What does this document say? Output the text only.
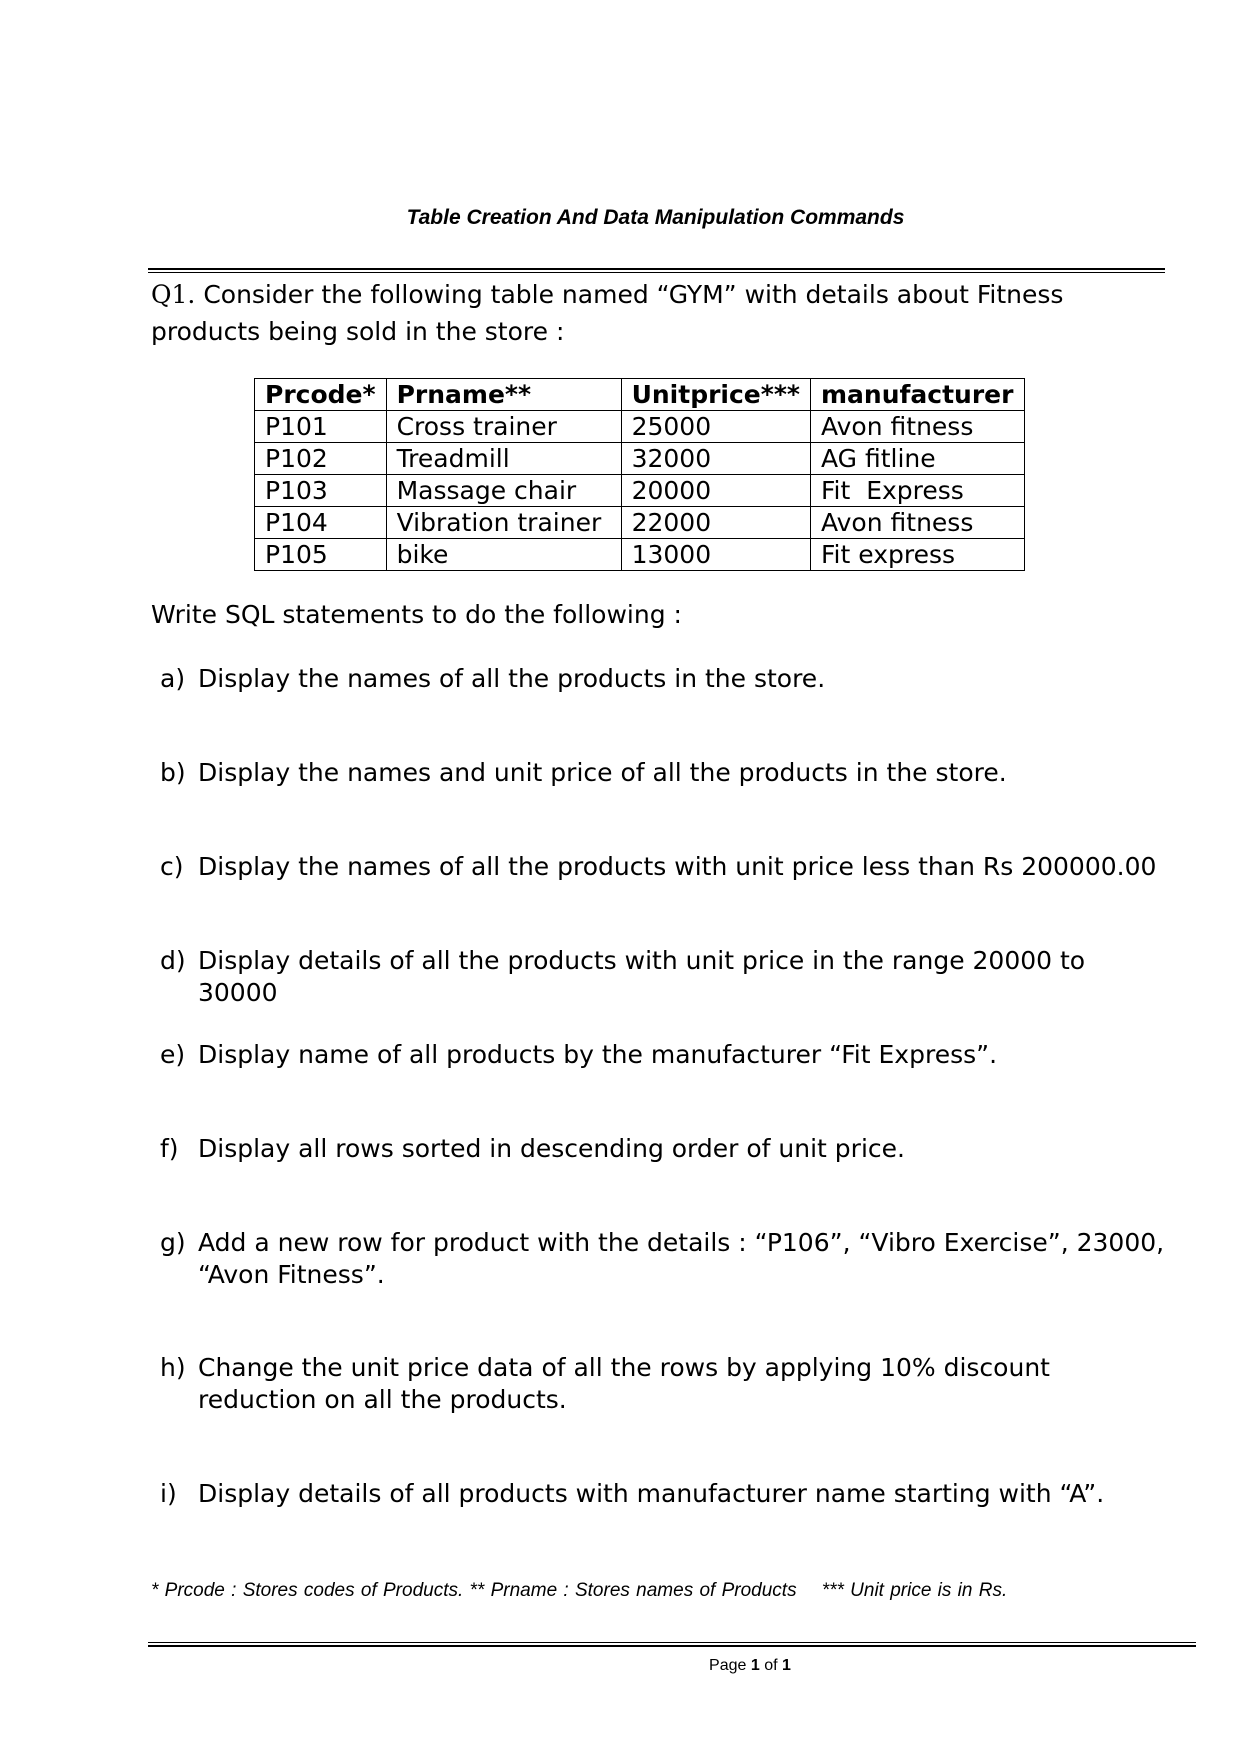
Table Creation And Data Manipulation Commands
Q1. Consider the following table named “GYM” with details about Fitness products being sold in the store :
Prcode*	Prname**	Unitprice***	manufacturer
P101	Cross trainer	25000	Avon fitness
P102	Treadmill	32000	AG fitline
P103	Massage chair	20000	Fit  Express
P104	Vibration trainer	22000	Avon fitness
P105	bike	13000	Fit express
Write SQL statements to do the following :
a) Display the names of all the products in the store.
b) Display the names and unit price of all the products in the store.
c) Display the names of all the products with unit price less than Rs 200000.00
d) Display details of all the products with unit price in the range 20000 to 30000
e) Display name of all products by the manufacturer “Fit Express”.
f) Display all rows sorted in descending order of unit price.
g) Add a new row for product with the details : “P106”, “Vibro Exercise”, 23000, “Avon Fitness”.
h) Change the unit price data of all the rows by applying 10% discount reduction on all the products.
i) Display details of all products with manufacturer name starting with “A”.
* Prcode : Stores codes of Products. ** Prname : Stores names of Products    *** Unit price is in Rs.
Page 1 of 1
